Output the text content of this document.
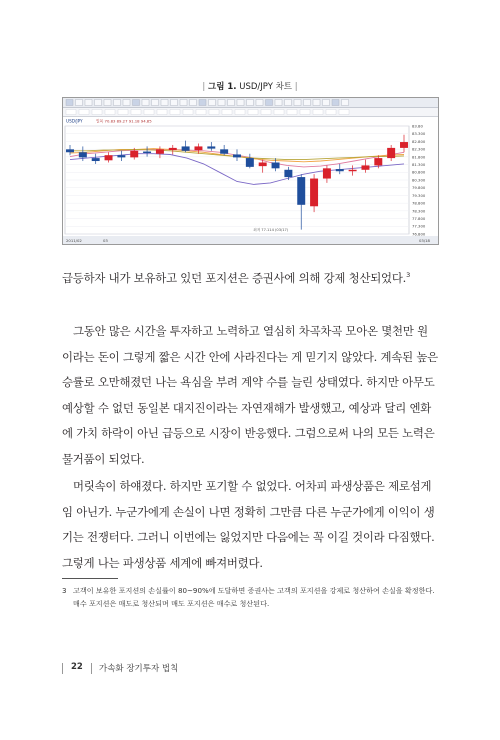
| 그림 1. USD/JPY 차트 |
USD/JPY	일목 70.83 89.27 91.18 94.85
83.80
83.300
82.800
82.300
81.800
81.300
80.800
80.300
79.800
79.300
78.800
78.300
77.800
77.300
76.800
최저 77.114 (03/17)
2011/02	03	03/18

급등하자 내가 보유하고 있던 포지션은 증권사에 의해 강제 청산되었다.$^3$

그동안 많은 시간을 투자하고 노력하고 열심히 차곡차곡 모아온 몇천만 원이라는 돈이 그렇게 짧은 시간 안에 사라진다는 게 믿기지 않았다. 계속된 높은 승률로 오만해졌던 나는 욕심을 부려 계약 수를 늘린 상태였다. 하지만 아무도 예상할 수 없던 동일본 대지진이라는 자연재해가 발생했고, 예상과 달리 엔화에 가치 하락이 아닌 급등으로 시장이 반응했다. 그럼으로써 나의 모든 노력은 물거품이 되었다.

머릿속이 하얘졌다. 하지만 포기할 수 없었다. 어차피 파생상품은 제로섬게임 아닌가. 누군가에게 손실이 나면 정확히 그만큼 다른 누군가에게 이익이 생기는 전쟁터다. 그러니 이번에는 잃었지만 다음에는 꼭 이길 것이라 다짐했다. 그렇게 나는 파생상품 세계에 빠져버렸다.

3 고객이 보유한 포지션의 손실률이 80~90%에 도달하면 증권사는 고객의 포지션을 강제로 청산하여 손실을 확정한다. 매수 포지션은 매도로 청산되며 매도 포지션은 매수로 청산된다.
22 가속화 장기투자 법칙
